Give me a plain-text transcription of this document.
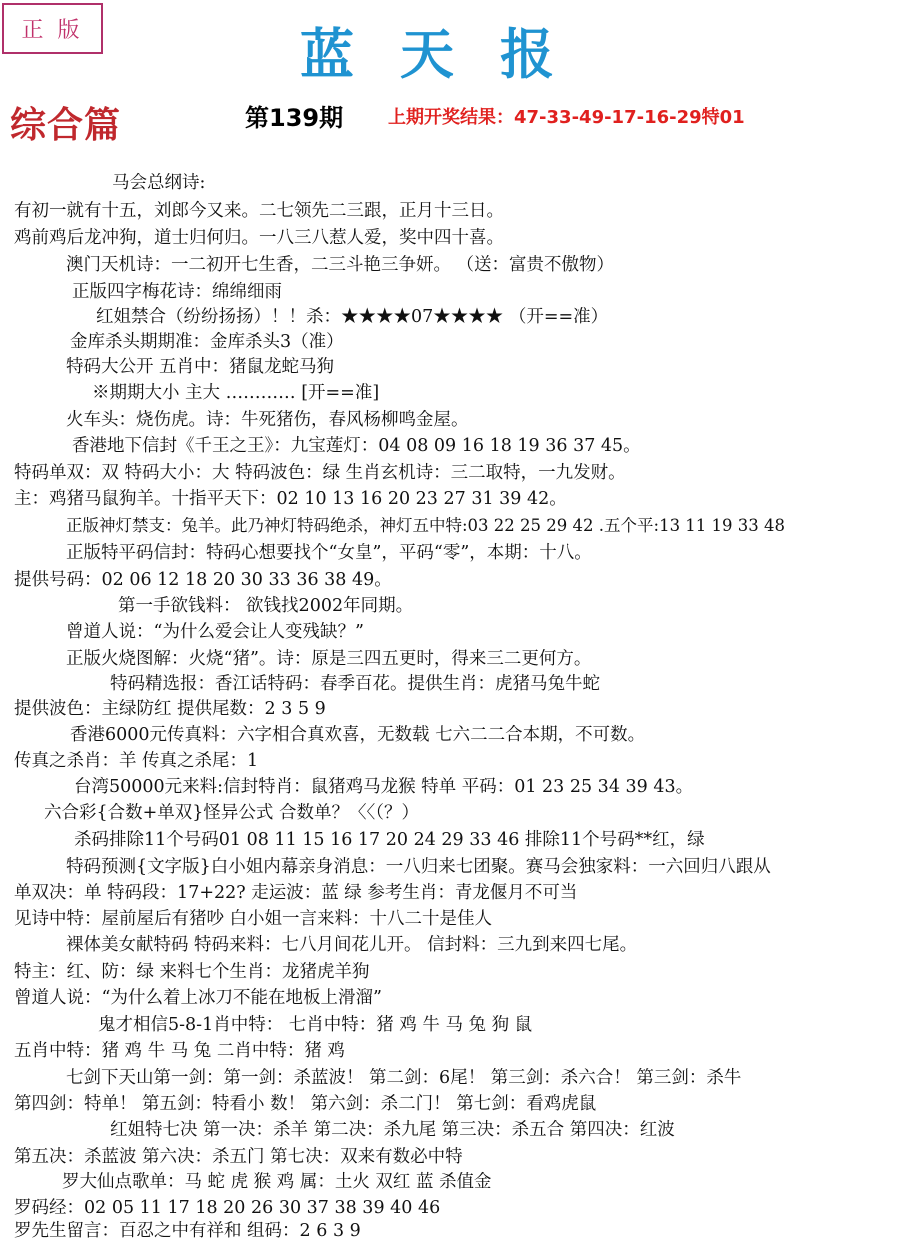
正版	蓝天报
综合篇	第139期 上期开奖结果：47-33-49-17-16-29特01
马会总纲诗:
有初一就有十五，刘郎今又来。二七领先二三跟，正月十三日。
鸡前鸡后龙冲狗，道士归何归。一八三八惹人爱，奖中四十喜。
澳门天机诗：一二初开七生香，二三斗艳三争妍。 （送：富贵不傲物）
正版四字梅花诗：绵绵细雨
红姐禁合（纷纷扬扬）！！杀：★★★★07★★★★ （开==准）
金库杀头期期准：金库杀头3（准）
特码大公开 五肖中：猪鼠龙蛇马狗
※期期大小 主大 ………… [开==准]
火车头：烧伤虎。诗：牛死猪伤，春风杨柳鸣金屋。
香港地下信封《千王之王》：九宝莲灯：04 08 09 16 18 19 36 37 45。
特码单双：双 特码大小：大 特码波色：绿 生肖玄机诗：三二取特，一九发财。
主：鸡猪马鼠狗羊。十指平天下：02 10 13 16 20 23 27 31 39 42。
正版神灯禁支：兔羊。此乃神灯特码绝杀，神灯五中特:03 22 25 29 42 .五个平:13 11 19 33 48
正版特平码信封：特码心想要找个“女皇”，平码“零”，本期：十八。
提供号码：02 06 12 18 20 30 33 36 38 49。
第一手欲钱料： 欲钱找2002年同期。
曾道人说：“为什么爱会让人变残缺？”
正版火烧图解：火烧“猪”。诗：原是三四五更时，得来三二更何方。
特码精选报：香江话特码：春季百花。提供生肖：虎猪马兔牛蛇
提供波色：主绿防红 提供尾数：2 3 5 9
香港6000元传真料：六字相合真欢喜，无数载 七六二二合本期，不可数。
传真之杀肖：羊 传真之杀尾：1
台湾50000元来料:信封特肖：鼠猪鸡马龙猴 特单 平码：01 23 25 34 39 43。
六合彩{合数+单双}怪异公式 合数单？〈〈（？）
杀码排除11个号码01 08 11 15 16 17 20 24 29 33 46 排除11个号码**红，绿
特码预测{文字版}白小姐内幕亲身消息：一八归来七团聚。赛马会独家料：一六回归八跟从
单双决：单 特码段：17+22? 走运波：蓝 绿 参考生肖：青龙偃月不可当
见诗中特：屋前屋后有猪吵 白小姐一言来料：十八二十是佳人
裸体美女献特码 特码来料：七八月间花儿开。 信封料：三九到来四七尾。
特主：红、防：绿 来料七个生肖：龙猪虎羊狗
曾道人说：“为什么着上冰刀不能在地板上滑溜”
鬼才相信5-8-1肖中特： 七肖中特：猪 鸡 牛 马 兔 狗 鼠
五肖中特：猪 鸡 牛 马 兔 二肖中特：猪 鸡
七剑下天山第一剑：第一剑：杀蓝波！ 第二剑：6尾！ 第三剑：杀六合！ 第三剑：杀牛
第四剑：特单！ 第五剑：特看小 数！ 第六剑：杀二门！ 第七剑：看鸡虎鼠
红姐特七决 第一决：杀羊 第二决：杀九尾 第三决：杀五合 第四决：红波
第五决：杀蓝波 第六决：杀五门 第七决：双来有数必中特
罗大仙点歌单：马 蛇 虎 猴 鸡 属：土火 双红 蓝 杀值金
罗码经：02 05 11 17 18 20 26 30 37 38 39 40 46
罗先生留言：百忍之中有祥和 组码：2 6 3 9
